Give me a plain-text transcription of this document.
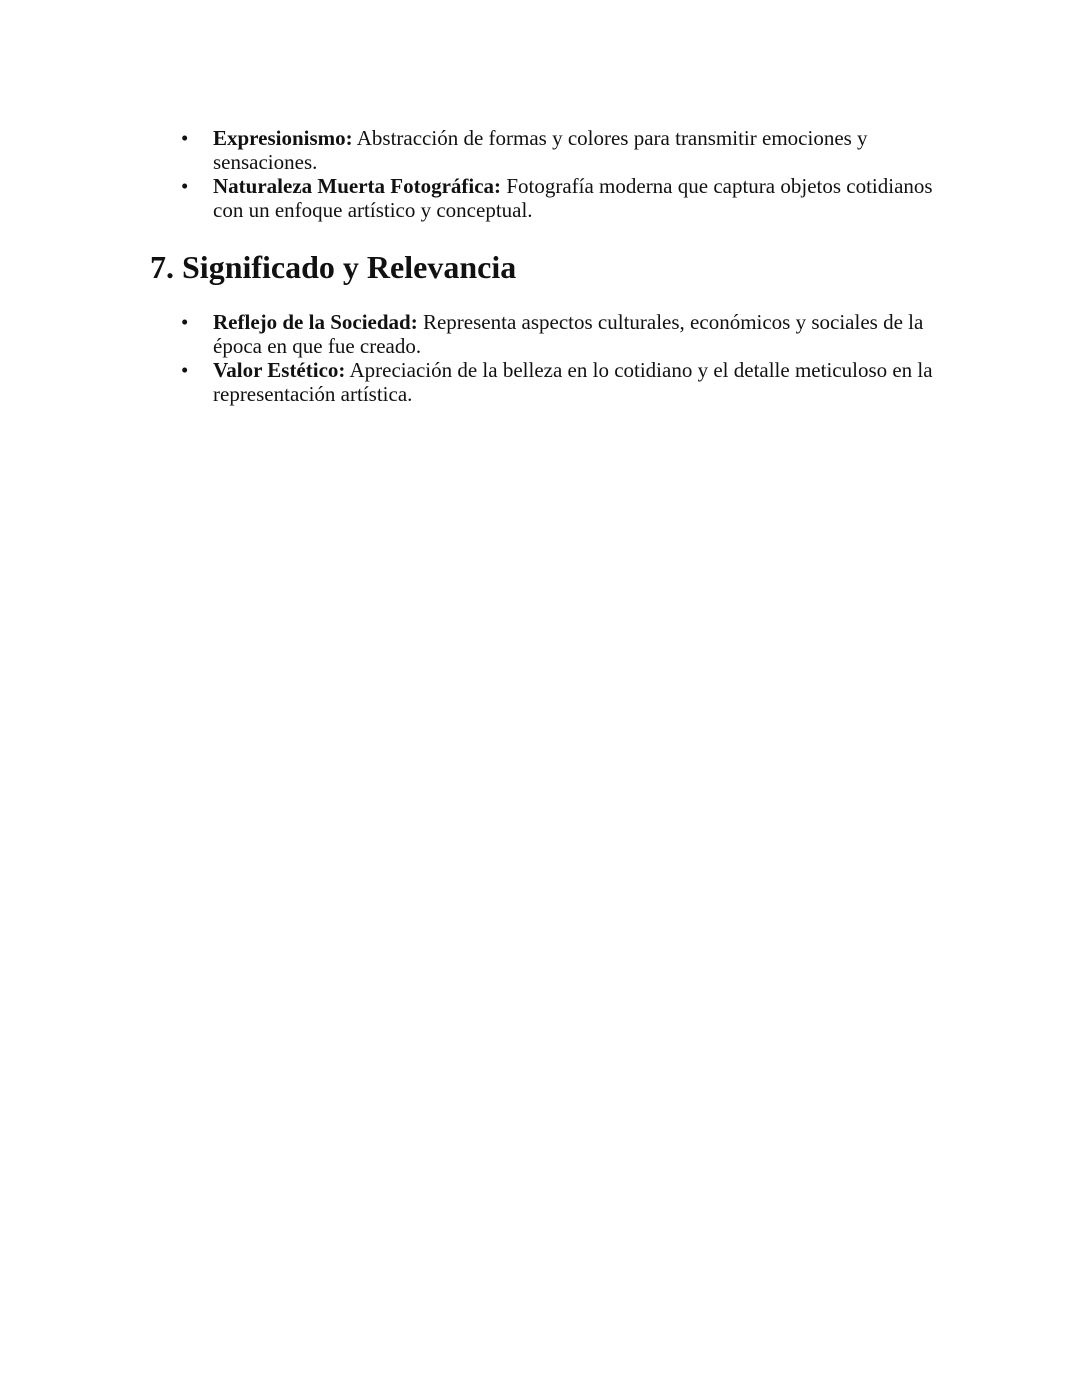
• Expresionismo: Abstracción de formas y colores para transmitir emociones y sensaciones.
• Naturaleza Muerta Fotográfica: Fotografía moderna que captura objetos cotidianos con un enfoque artístico y conceptual.
7. Significado y Relevancia
• Reflejo de la Sociedad: Representa aspectos culturales, económicos y sociales de la época en que fue creado.
• Valor Estético: Apreciación de la belleza en lo cotidiano y el detalle meticuloso en la representación artística.
